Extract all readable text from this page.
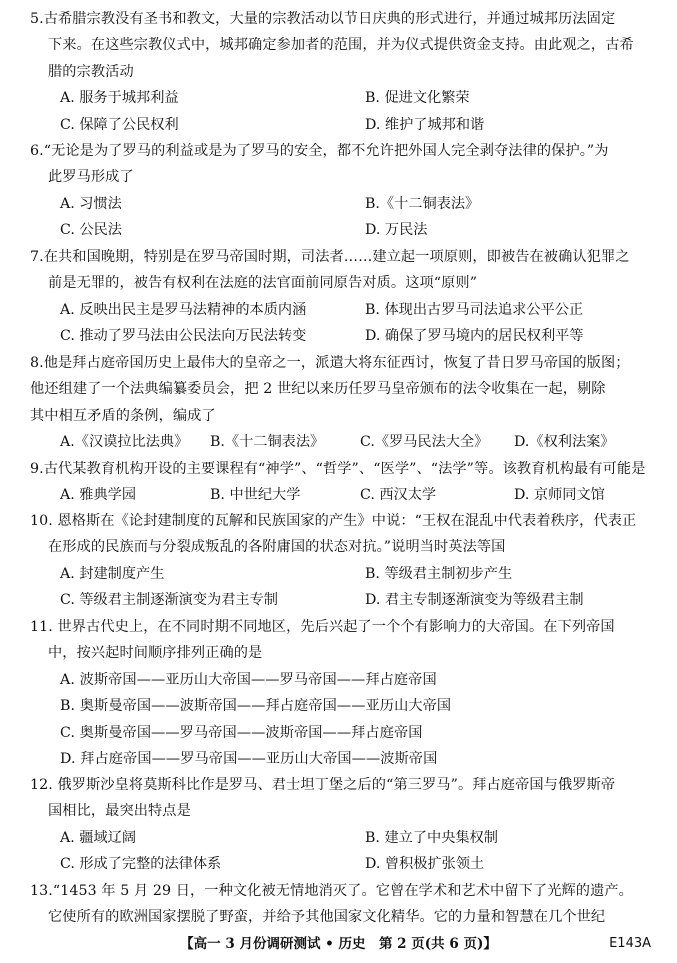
5.古希腊宗教没有圣书和教文，大量的宗教活动以节日庆典的形式进行，并通过城邦历法固定
下来。在这些宗教仪式中，城邦确定参加者的范围，并为仪式提供资金支持。由此观之，古希
腊的宗教活动
A. 服务于城邦利益	B. 促进文化繁荣
C. 保障了公民权利	D. 维护了城邦和谐
6.“无论是为了罗马的利益或是为了罗马的安全，都不允许把外国人完全剥夺法律的保护。”为
此罗马形成了
A. 习惯法	B.《十二铜表法》
C. 公民法	D. 万民法
7.在共和国晚期，特别是在罗马帝国时期，司法者……建立起一项原则，即被告在被确认犯罪之
前是无罪的，被告有权利在法庭的法官面前同原告对质。这项“原则”
A. 反映出民主是罗马法精神的本质内涵	B. 体现出古罗马司法追求公平公正
C. 推动了罗马法由公民法向万民法转变	D. 确保了罗马境内的居民权利平等
8.他是拜占庭帝国历史上最伟大的皇帝之一，派遣大将东征西讨，恢复了昔日罗马帝国的版图；
他还组建了一个法典编纂委员会，把 2 世纪以来历任罗马皇帝颁布的法令收集在一起，剔除
其中相互矛盾的条例，编成了
A.《汉谟拉比法典》 B.《十二铜表法》	C.《罗马民法大全》 D.《权利法案》
9.古代某教育机构开设的主要课程有“神学”、“哲学”、“医学”、“法学”等。该教育机构最有可能是
A. 雅典学园	B. 中世纪大学	C. 西汉太学	D. 京师同文馆
10. 恩格斯在《论封建制度的瓦解和民族国家的产生》中说：“王权在混乱中代表着秩序，代表正
在形成的民族而与分裂成叛乱的各附庸国的状态对抗。”说明当时英法等国
A. 封建制度产生	B. 等级君主制初步产生
C. 等级君主制逐渐演变为君主专制	D. 君主专制逐渐演变为等级君主制
11. 世界古代史上，在不同时期不同地区，先后兴起了一个个有影响力的大帝国。在下列帝国
中，按兴起时间顺序排列正确的是
A. 波斯帝国——亚历山大帝国——罗马帝国——拜占庭帝国
B. 奥斯曼帝国——波斯帝国——拜占庭帝国——亚历山大帝国
C. 奥斯曼帝国——罗马帝国——波斯帝国——拜占庭帝国
D. 拜占庭帝国——罗马帝国——亚历山大帝国——波斯帝国
12. 俄罗斯沙皇将莫斯科比作是罗马、君士坦丁堡之后的“第三罗马”。拜占庭帝国与俄罗斯帝
国相比，最突出特点是
A. 疆域辽阔	B. 建立了中央集权制
C. 形成了完整的法律体系	D. 曾积极扩张领土
13.“1453 年 5 月 29 日，一种文化被无情地消灭了。它曾在学术和艺术中留下了光辉的遗产。
它使所有的欧洲国家摆脱了野蛮，并给予其他国家文化精华。它的力量和智慧在几个世纪
【高一 3 月份调研测试 • 历史　第 2 页(共 6 页)】	E143A
